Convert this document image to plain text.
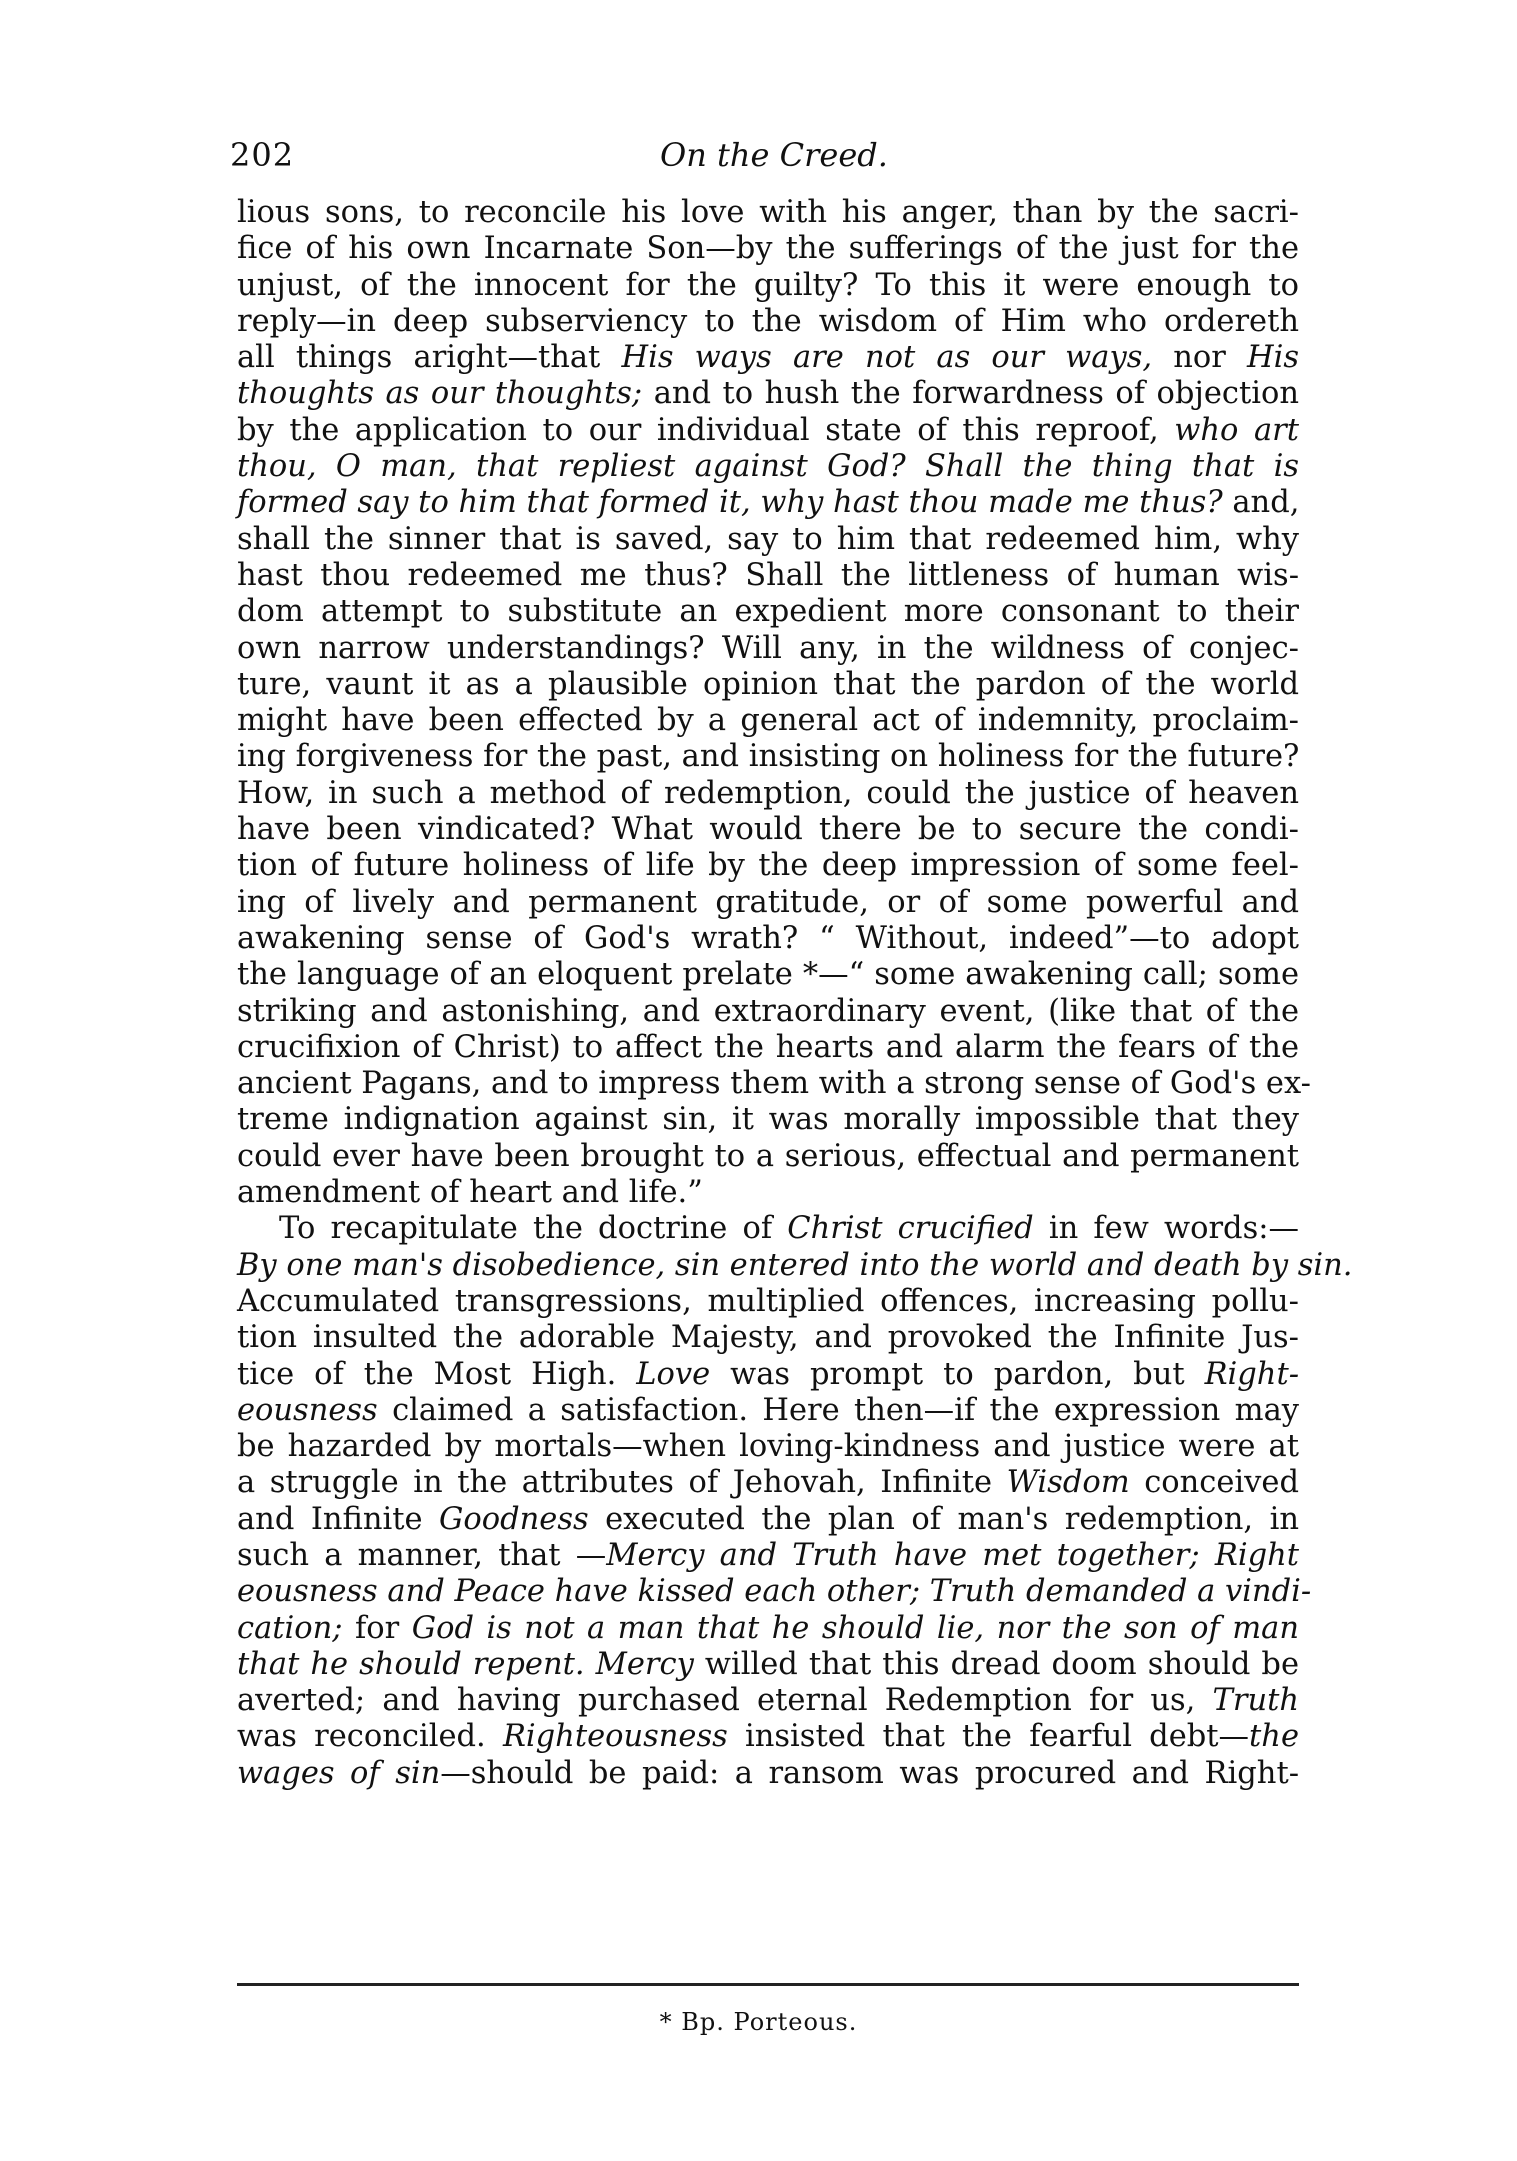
202	On the Creed.
lious sons, to reconcile his love with his anger, than by the sacri-
fice of his own Incarnate Son—by the sufferings of the just for the
unjust, of the innocent for the guilty? To this it were enough to
reply—in deep subserviency to the wisdom of Him who ordereth
all things aright—that His ways are not as our ways, nor His
thoughts as our thoughts; and to hush the forwardness of objection
by the application to our individual state of this reproof, who art
thou, O man, that repliest against God? Shall the thing that is
formed say to him that formed it, why hast thou made me thus? and,
shall the sinner that is saved, say to him that redeemed him, why
hast thou redeemed me thus? Shall the littleness of human wis-
dom attempt to substitute an expedient more consonant to their
own narrow understandings? Will any, in the wildness of conjec-
ture, vaunt it as a plausible opinion that the pardon of the world
might have been effected by a general act of indemnity, proclaim-
ing forgiveness for the past, and insisting on holiness for the future?
How, in such a method of redemption, could the justice of heaven
have been vindicated? What would there be to secure the condi-
tion of future holiness of life by the deep impression of some feel-
ing of lively and permanent gratitude, or of some powerful and
awakening sense of God's wrath? “ Without, indeed”—to adopt
the language of an eloquent prelate *—“ some awakening call; some
striking and astonishing, and extraordinary event, (like that of the
crucifixion of Christ) to affect the hearts and alarm the fears of the
ancient Pagans, and to impress them with a strong sense of God's ex-
treme indignation against sin, it was morally impossible that they
could ever have been brought to a serious, effectual and permanent
amendment of heart and life.”
To recapitulate the doctrine of Christ crucified in few words:—
By one man's disobedience, sin entered into the world and death by sin.
Accumulated transgressions, multiplied offences, increasing pollu-
tion insulted the adorable Majesty, and provoked the Infinite Jus-
tice of the Most High. Love was prompt to pardon, but Right-
eousness claimed a satisfaction. Here then—if the expression may
be hazarded by mortals—when loving-kindness and justice were at
a struggle in the attributes of Jehovah, Infinite Wisdom conceived
and Infinite Goodness executed the plan of man's redemption, in
such a manner, that —Mercy and Truth have met together; Right
eousness and Peace have kissed each other; Truth demanded a vindi-
cation; for God is not a man that he should lie, nor the son of man
that he should repent. Mercy willed that this dread doom should be
averted; and having purchased eternal Redemption for us, Truth
was reconciled. Righteousness insisted that the fearful debt—the
wages of sin—should be paid: a ransom was procured and Right-
* Bp. Porteous.
